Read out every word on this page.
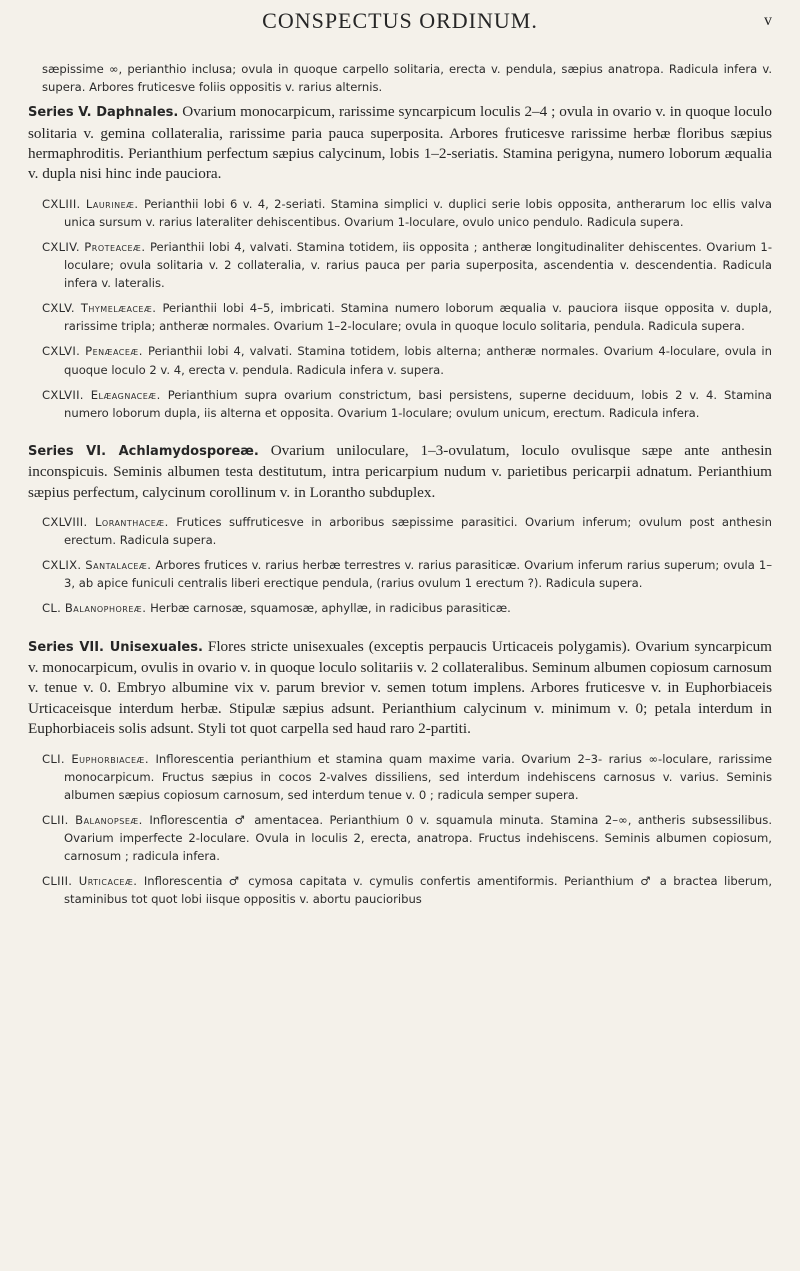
CONSPECTUS ORDINUM.	v

sæpissime ∞, perianthio inclusa; ovula in quoque carpello solitaria, erecta v. pendula, sæpius anatropa. Radicula infera v. supera. Arbores fruticesve foliis oppositis v. rarius alternis.

Series V. Daphnales. Ovarium monocarpicum, rarissime syncarpicum loculis 2–4 ; ovula in ovario v. in quoque loculo solitaria v. gemina collateralia, rarissime paria pauca superposita. Arbores fruticesve rarissime herbæ floribus sæpius hermaphroditis. Perianthium perfectum sæpius calycinum, lobis 1–2-seriatis. Stamina perigyna, numero loborum æqualia v. dupla nisi hinc inde pauciora.

CXLIII. Laurineæ. Perianthii lobi 6 v. 4, 2-seriati. Stamina simplici v. duplici serie lobis opposita, antherarum loc ellis valva unica sursum v. rarius lateraliter dehiscentibus. Ovarium 1-loculare, ovulo unico pendulo. Radicula supera.

CXLIV. Proteaceæ. Perianthii lobi 4, valvati. Stamina totidem, iis opposita ; antheræ longitudinaliter dehiscentes. Ovarium 1-loculare; ovula solitaria v. 2 collateralia, v. rarius pauca per paria superposita, ascendentia v. descendentia. Radicula infera v. lateralis.

CXLV. Thymelæaceæ. Perianthii lobi 4–5, imbricati. Stamina numero loborum æqualia v. pauciora iisque opposita v. dupla, rarissime tripla; antheræ normales. Ovarium 1–2-loculare; ovula in quoque loculo solitaria, pendula. Radicula supera.

CXLVI. Penæaceæ. Perianthii lobi 4, valvati. Stamina totidem, lobis alterna; antheræ normales. Ovarium 4-loculare, ovula in quoque loculo 2 v. 4, erecta v. pendula. Radicula infera v. supera.

CXLVII. Elæagnaceæ. Perianthium supra ovarium constrictum, basi persistens, superne deciduum, lobis 2 v. 4. Stamina numero loborum dupla, iis alterna et opposita. Ovarium 1-loculare; ovulum unicum, erectum. Radicula infera.

Series VI. Achlamydosporeæ. Ovarium uniloculare, 1–3-ovulatum, loculo ovulisque sæpe ante anthesin inconspicuis. Seminis albumen testa destitutum, intra pericarpium nudum v. parietibus pericarpii adnatum. Perianthium sæpius perfectum, calycinum corollinum v. in Loranthо subduplex.

CXLVIII. Loranthaceæ. Frutices suffruticesve in arboribus sæpissime parasitici. Ovarium inferum; ovulum post anthesin erectum. Radicula supera.

CXLIX. Santalaceæ. Arbores frutices v. rarius herbæ terrestres v. rarius parasiticæ. Ovarium inferum rarius superum; ovula 1–3, ab apice funiculi centralis liberi erectique pendula, (rarius ovulum 1 erectum ?). Radicula supera.

CL. Balanophoreæ. Herbæ carnosæ, squamosæ, aphyllæ, in radicibus parasiticæ.

Series VII. Unisexuales. Flores stricte unisexuales (exceptis perpaucis Urticaceis polygamis). Ovarium syncarpicum v. monocarpicum, ovulis in ovario v. in quoque loculo solitariis v. 2 collateralibus. Seminum albumen copiosum carnosum v. tenue v. 0. Embryo albumine vix v. parum brevior v. semen totum implens. Arbores fruticesve v. in Euphorbiaceis Urticaceisque interdum herbæ. Stipulæ sæpius adsunt. Perianthium calycinum v. minimum v. 0; petala interdum in Euphorbiaceis solis adsunt. Styli tot quot carpella sed haud raro 2-partiti.

CLI. Euphorbiaceæ. Inflorescentia perianthium et stamina quam maxime varia. Ovarium 2–3- rarius ∞-loculare, rarissime monocarpicum. Fructus sæpius in cocos 2-valves dissiliens, sed interdum indehiscens carnosus v. varius. Seminis albumen sæpius copiosum carnosum, sed interdum tenue v. 0 ; radicula semper supera.

CLII. Balanopseæ. Inflorescentia ♂ amentacea. Perianthium 0 v. squamula minuta. Stamina 2–∞, antheris subsessilibus. Ovarium imperfecte 2-loculare. Ovula in loculis 2, erecta, anatropa. Fructus indehiscens. Seminis albumen copiosum, carnosum ; radicula infera.

CLIII. Urticaceæ. Inflorescentia ♂ cymosa capitata v. cymulis confertis amentiformis. Perianthium ♂ a bractea liberum, staminibus tot quot lobi iisque oppositis v. abortu paucioribus
